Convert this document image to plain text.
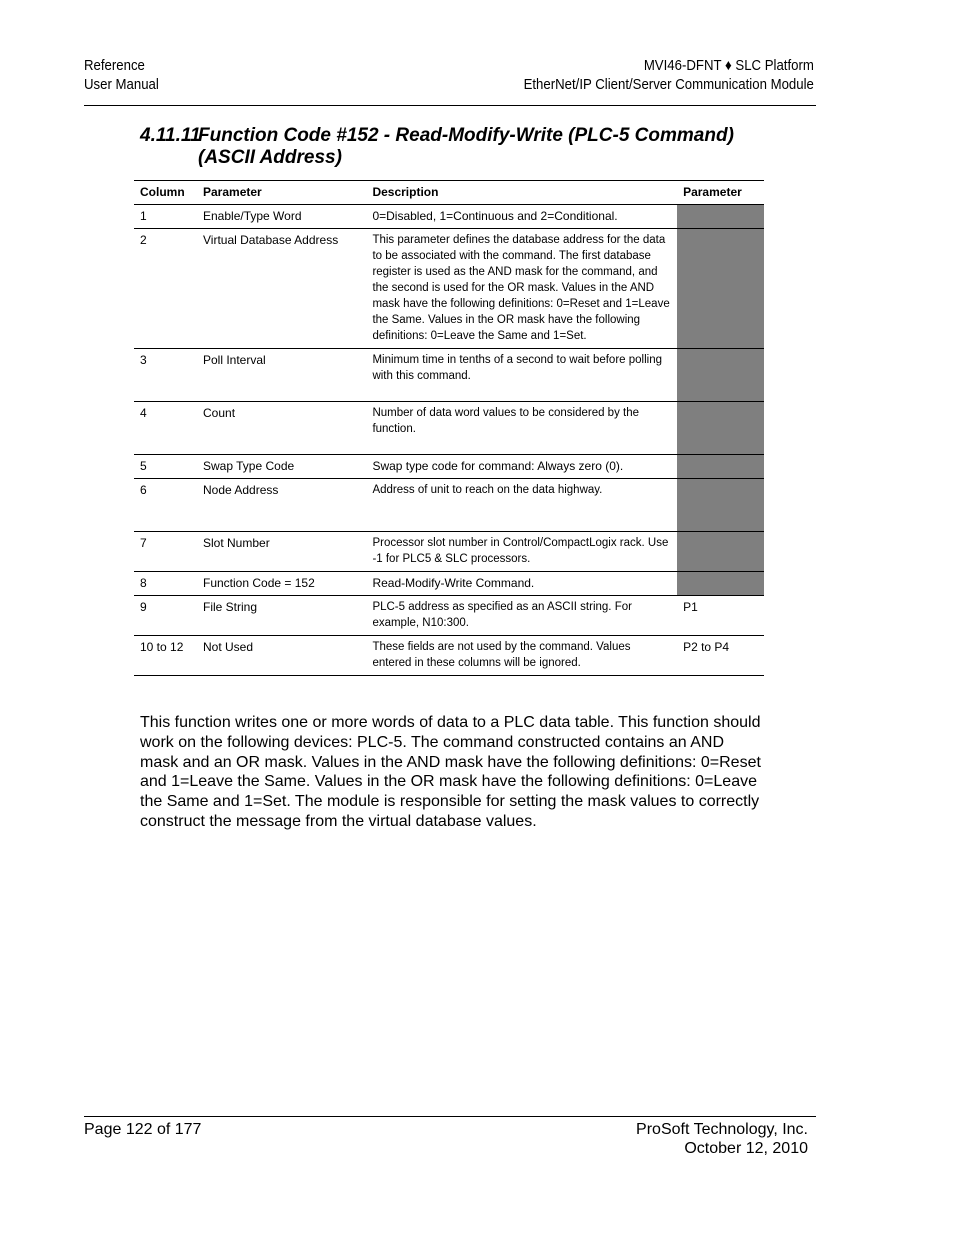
Reference
User Manual
MVI46-DFNT ♦ SLC Platform
EtherNet/IP Client/Server Communication Module
4.11.11Function Code #152 - Read-Modify-Write (PLC-5 Command)
(ASCII Address)
Column	Parameter	Description	Parameter
1	Enable/Type Word	0=Disabled, 1=Continuous and 2=Conditional.	
2	Virtual Database Address	This parameter defines the database address for the data to be associated with the command. The first database register is used as the AND mask for the command, and the second is used for the OR mask. Values in the AND mask have the following definitions: 0=Reset and 1=Leave the Same. Values in the OR mask have the following definitions: 0=Leave the Same and 1=Set.	
3	Poll Interval	Minimum time in tenths of a second to wait before polling with this command.	
4	Count	Number of data word values to be considered by the function.	
5	Swap Type Code	Swap type code for command: Always zero (0).	
6	Node Address	Address of unit to reach on the data highway.	
7	Slot Number	Processor slot number in Control/CompactLogix rack. Use -1 for PLC5 & SLC processors.	
8	Function Code = 152	Read-Modify-Write Command.	
9	File String	PLC-5 address as specified as an ASCII string. For example, N10:300.	P1
10 to 12	Not Used	These fields are not used by the command. Values entered in these columns will be ignored.	P2 to P4

This function writes one or more words of data to a PLC data table. This function should work on the following devices: PLC-5. The command constructed contains an AND mask and an OR mask. Values in the AND mask have the following definitions: 0=Reset and 1=Leave the Same. Values in the OR mask have the following definitions: 0=Leave the Same and 1=Set. The module is responsible for setting the mask values to correctly construct the message from the virtual database values.

Page 122 of 177	ProSoft Technology, Inc.
October 12, 2010
